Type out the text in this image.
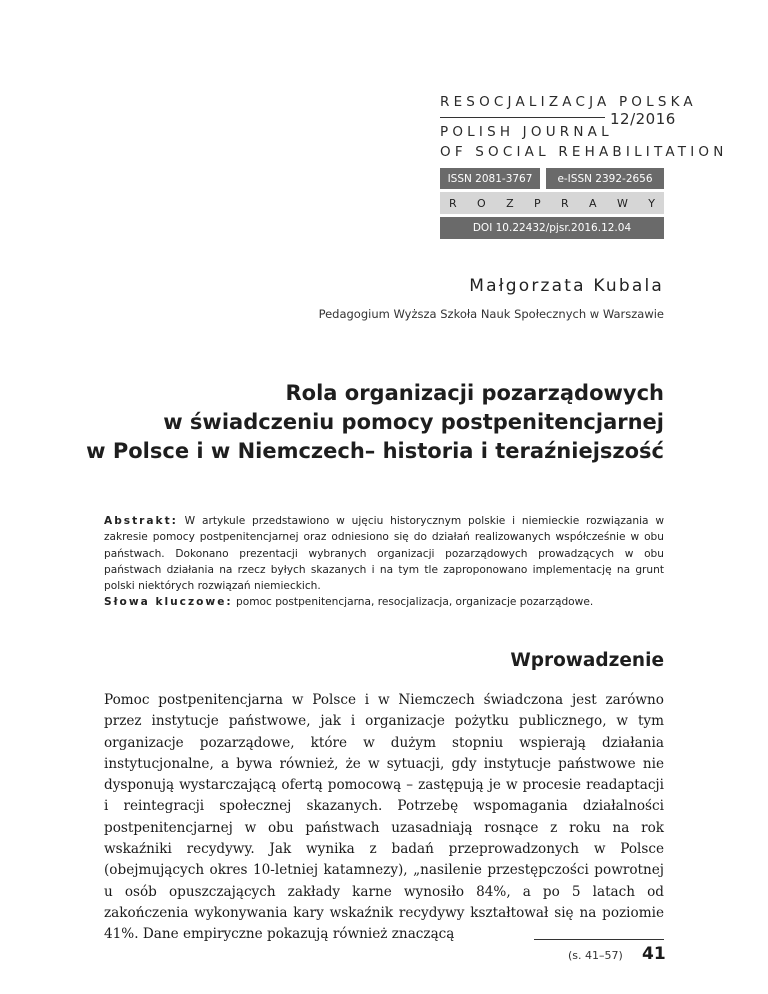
RESOCJALIZACJA POLSKA
12/2016
POLISH JOURNAL
OF SOCIAL REHABILITATION
ISSN 2081-3767	e-ISSN 2392-2656
R O Z P R A W Y
DOI 10.22432/pjsr.2016.12.04
Małgorzata Kubala
Pedagogium Wyższa Szkoła Nauk Społecznych w Warszawie
Rola organizacji pozarządowych
w świadczeniu pomocy postpenitencjarnej
w Polsce i w Niemczech– historia i teraźniejszość
Abstrakt: W artykule przedstawiono w ujęciu historycznym polskie i niemieckie rozwiązania w zakresie pomocy postpenitencjarnej oraz odniesiono się do działań realizowanych współcześnie w obu państwach. Dokonano prezentacji wybranych organizacji pozarządowych prowadzących w obu państwach działania na rzecz byłych skazanych i na tym tle zaproponowano implementację na grunt polski niektórych rozwiązań niemieckich.
Słowa kluczowe: pomoc postpenitencjarna, resocjalizacja, organizacje pozarządowe.
Wprowadzenie
Pomoc postpenitencjarna w Polsce i w Niemczech świadczona jest zarówno przez instytucje państwowe, jak i organizacje pożytku publicznego, w tym organizacje pozarządowe, które w dużym stopniu wspierają działania instytucjonalne, a bywa również, że w sytuacji, gdy instytucje państwowe nie dysponują wystarczającą ofertą pomocową – zastępują je w procesie readaptacji i reintegracji społecznej skazanych. Potrzebę wspomagania działalności postpenitencjarnej w obu państwach uzasadniają rosnące z roku na rok wskaźniki recydywy. Jak wynika z badań przeprowadzonych w Polsce (obejmujących okres 10-letniej katamnezy), „nasilenie przestępczości powrotnej u osób opuszczających zakłady karne wynosiło 84%, a po 5 latach od zakończenia wykonywania kary wskaźnik recydywy kształtował się na poziomie 41%. Dane empiryczne pokazują również znaczącą
(s. 41–57) 41
